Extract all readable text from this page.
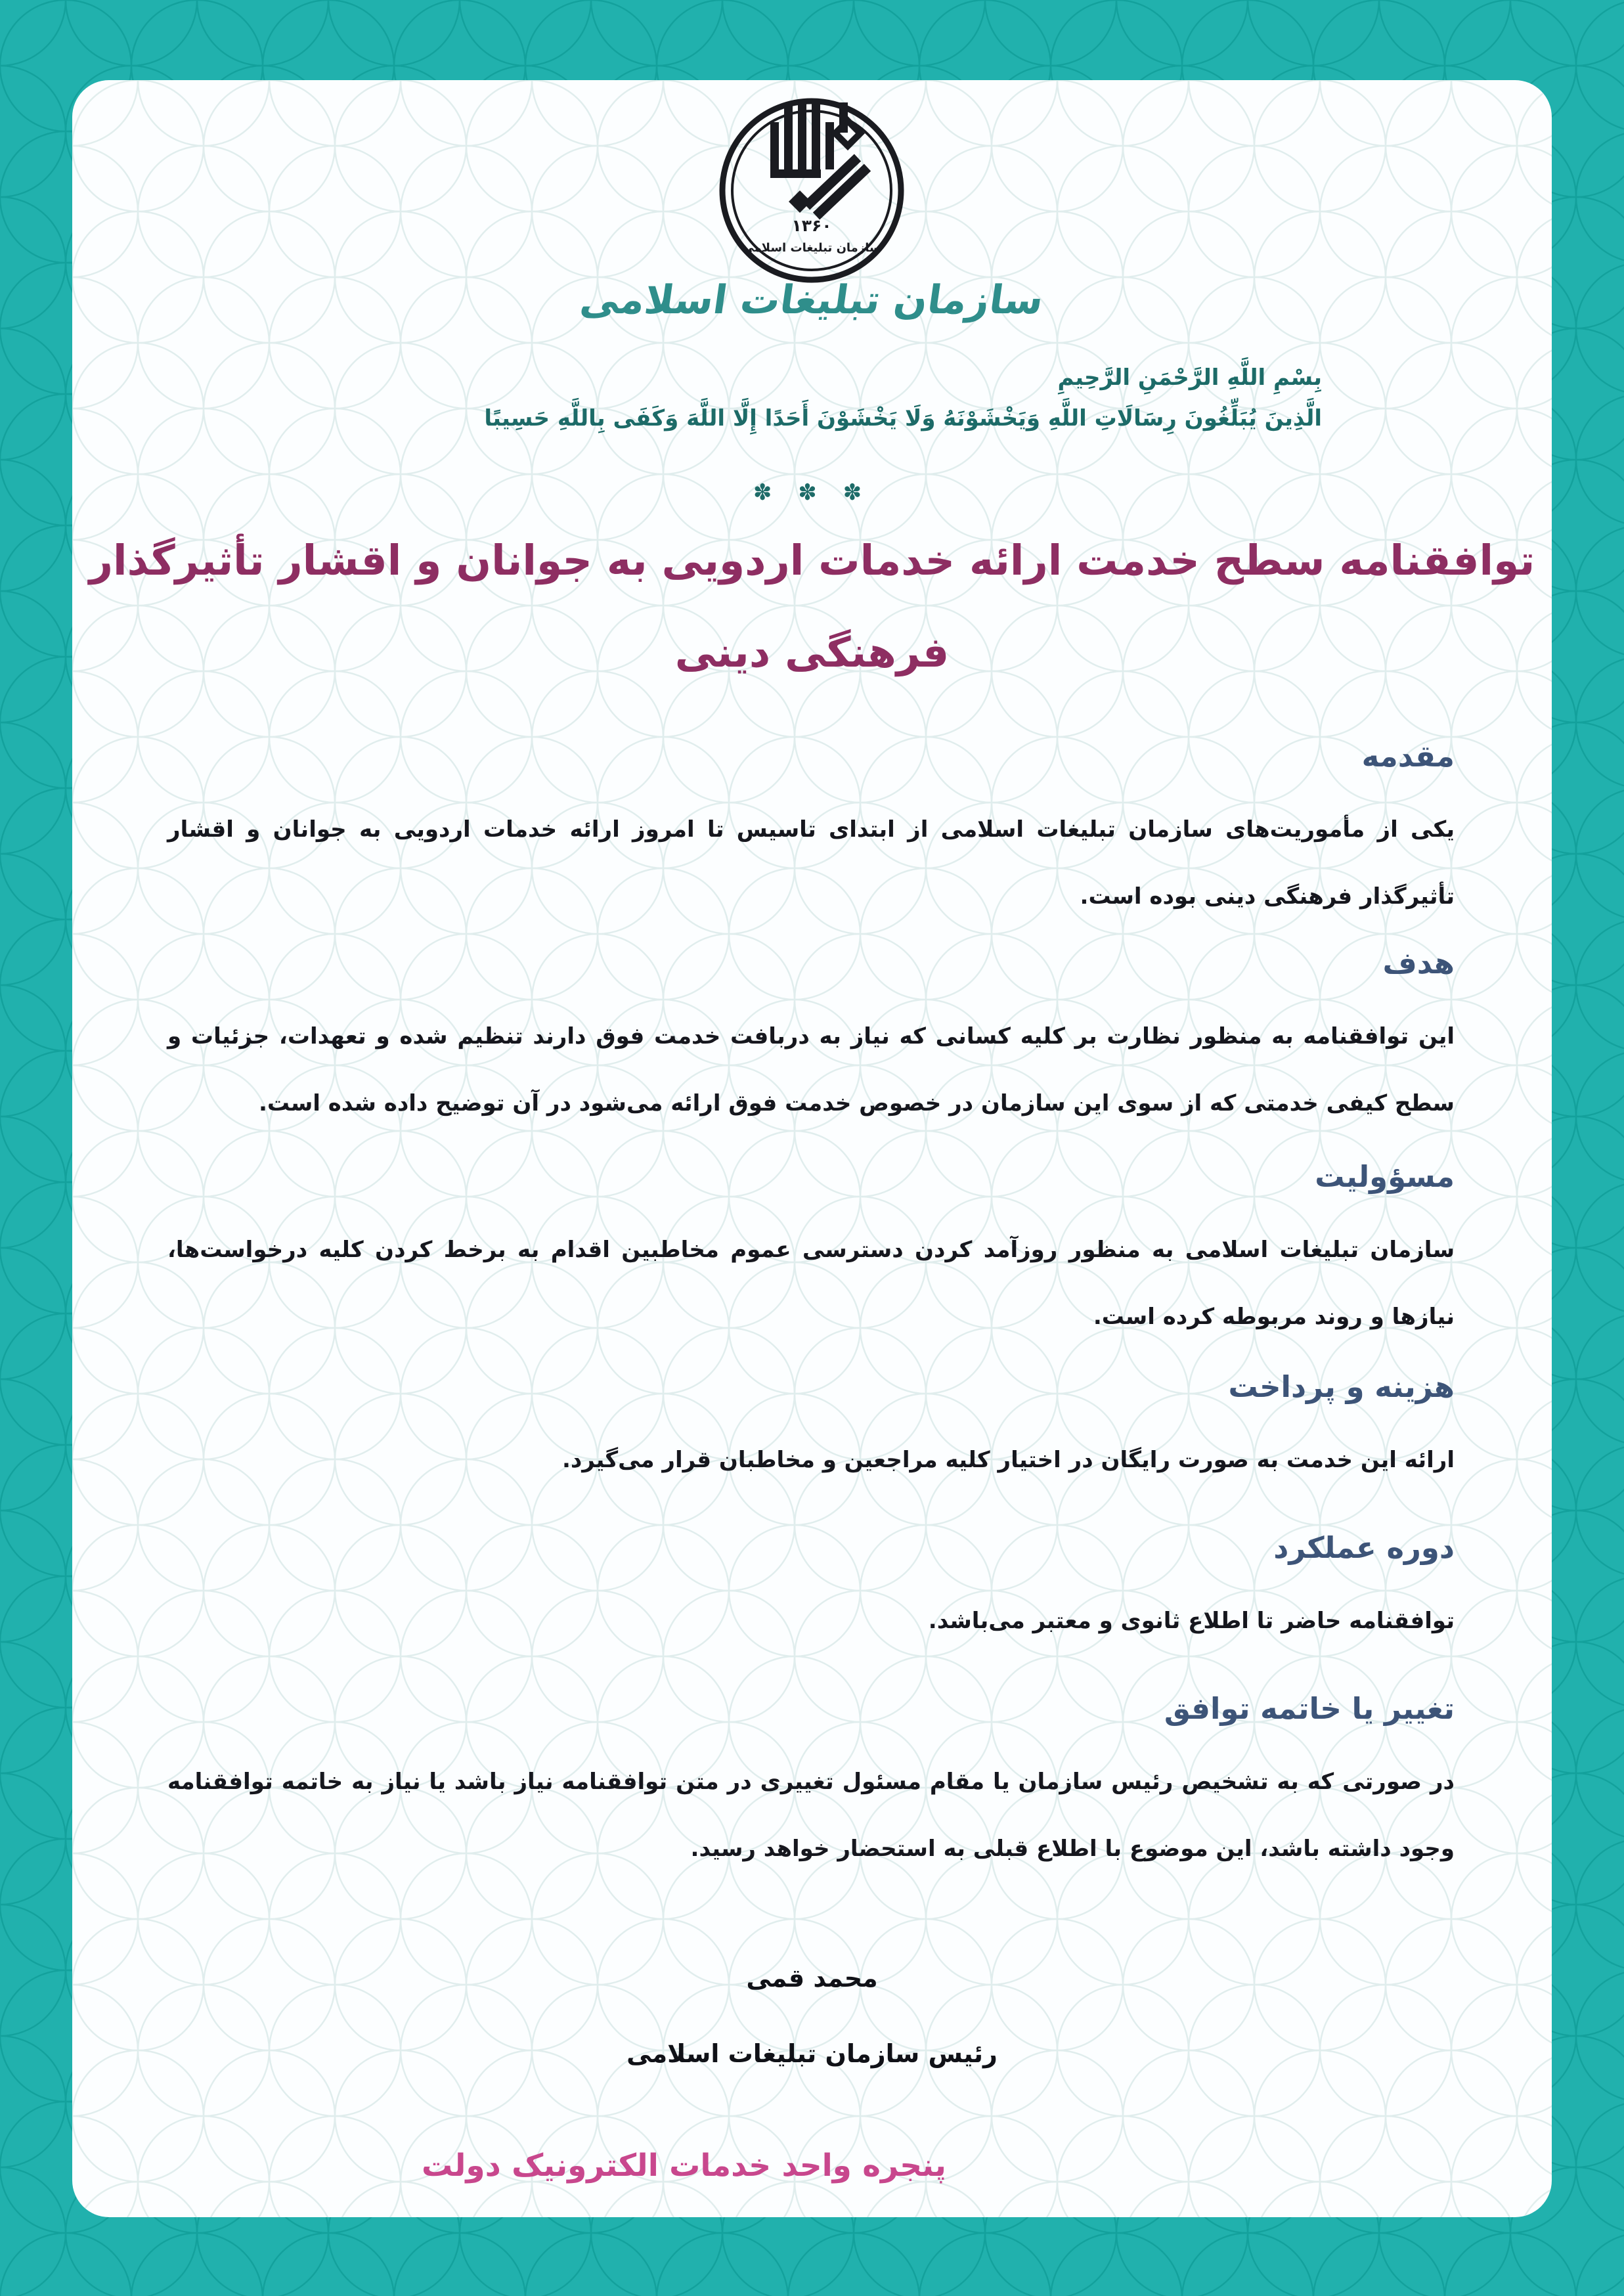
۱۳۶۰
سازمان تبلیغات اسلامی
سازمان تبلیغات اسلامی
بِسْمِ اللَّهِ الرَّحْمَنِ الرَّحِيمِ
الَّذِينَ يُبَلِّغُونَ رِسَالَاتِ اللَّهِ وَيَخْشَوْنَهُ وَلَا يَخْشَوْنَ أَحَدًا إِلَّا اللَّهَ وَكَفَى بِاللَّهِ حَسِيبًا
✽ ✽ ✽
توافقنامه سطح خدمت ارائه خدمات اردویی به جوانان و اقشار تأثیرگذار
فرهنگی دینی
مقدمه

یکی از مأموریت‌های سازمان تبلیغات اسلامی از ابتدای تاسیس تا امروز ارائه خدمات اردویی به جوانان و اقشار تأثیرگذار فرهنگی دینی بوده است.

هدف

این توافقنامه به منظور نظارت بر کلیه کسانی که نیاز به دربافت خدمت فوق دارند تنظیم شده و تعهدات، جزئیات و سطح کیفی خدمتی که از سوی این سازمان در خصوص خدمت فوق ارائه می‌شود در آن توضیح داده شده است.

مسؤولیت

سازمان تبلیغات اسلامی به منظور روزآمد کردن دسترسی عموم مخاطبین اقدام به برخط کردن کلیه درخواست‌ها، نیازها و روند مربوطه کرده است.

هزینه و پرداخت

ارائه این خدمت به صورت رایگان در اختیار کلیه مراجعین و مخاطبان قرار می‌گیرد.

دوره عملکرد

توافقنامه حاضر تا اطلاع ثانوی و معتبر می‌باشد.

تغییر یا خاتمه توافق

در صورتی که به تشخیص رئیس سازمان یا مقام مسئول تغییری در متن توافقنامه نیاز باشد یا نیاز به خاتمه توافقنامه وجود داشته باشد، این موضوع با اطلاع قبلی به استحضار خواهد رسید.

محمد قمی
رئیس سازمان تبلیغات اسلامی
پنجره واحد خدمات الکترونیک دولت
